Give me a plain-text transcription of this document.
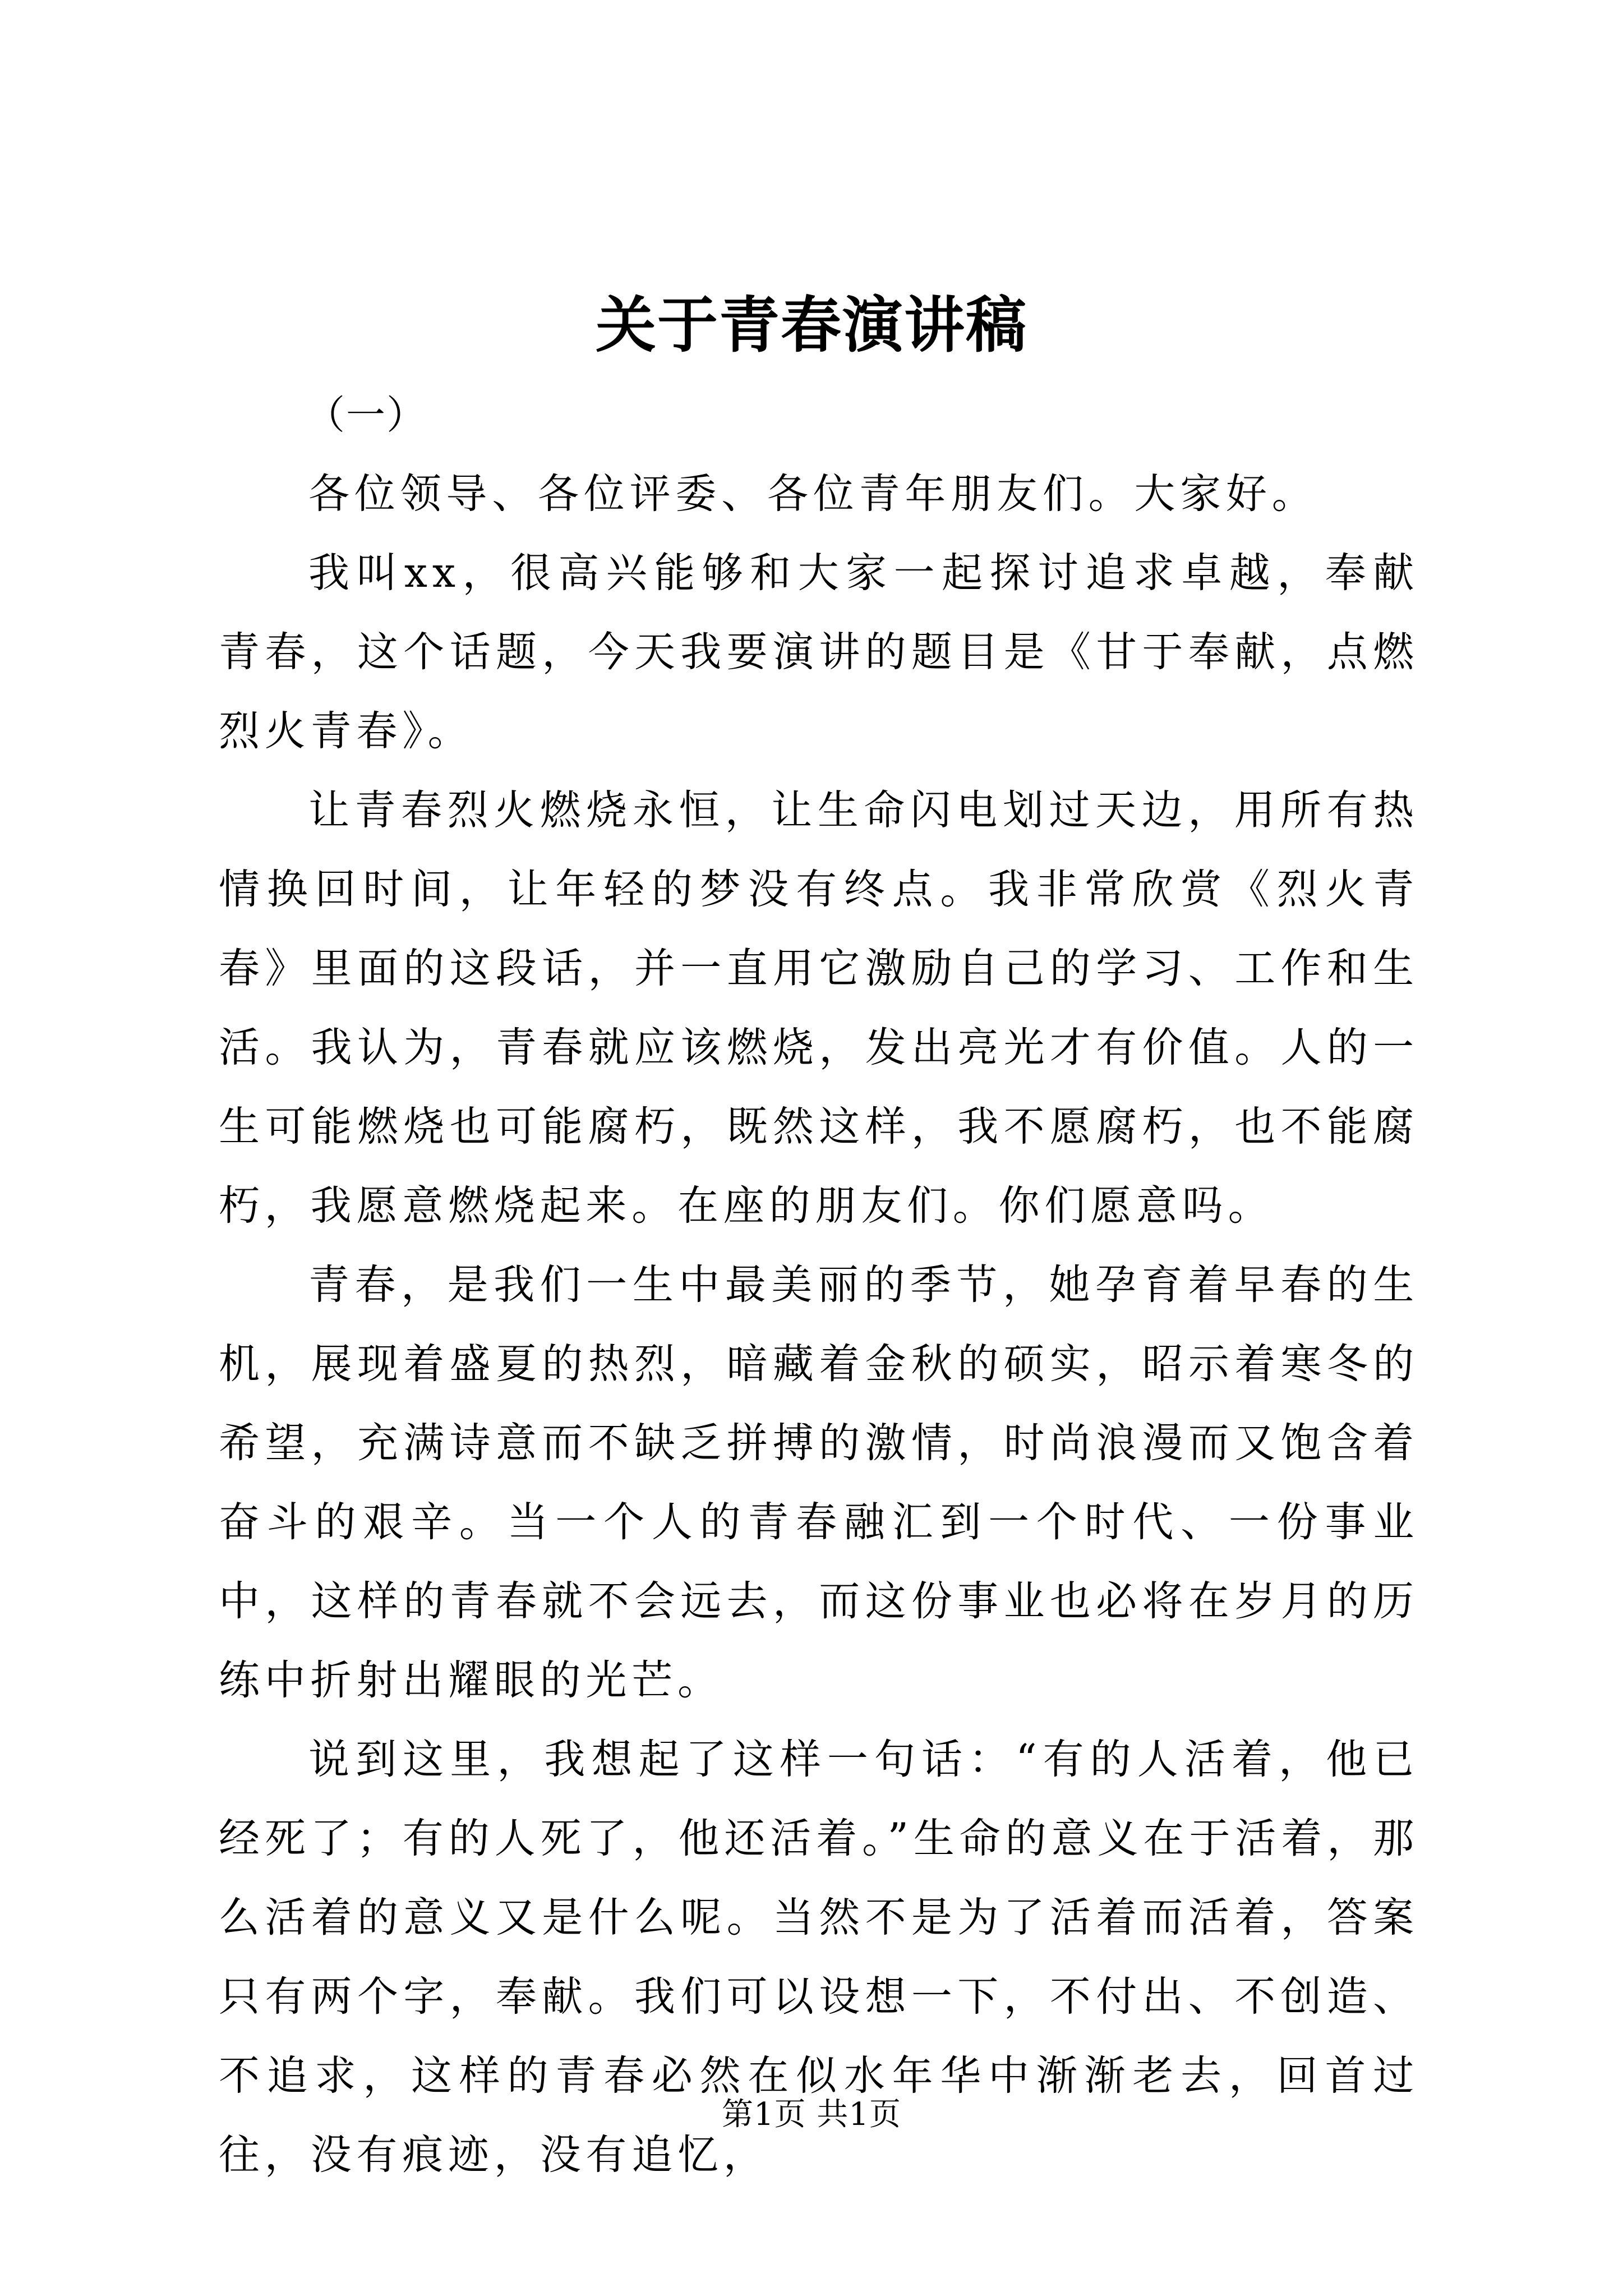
关于青春演讲稿
（一）

各位领导、各位评委、各位青年朋友们。大家好。

我叫xx，很高兴能够和大家一起探讨追求卓越，奉献青春，这个话题，今天我要演讲的题目是《甘于奉献，点燃烈火青春》。

让青春烈火燃烧永恒，让生命闪电划过天边，用所有热情换回时间，让年轻的梦没有终点。我非常欣赏《烈火青春》里面的这段话，并一直用它激励自己的学习、工作和生活。我认为，青春就应该燃烧，发出亮光才有价值。人的一生可能燃烧也可能腐朽，既然这样，我不愿腐朽，也不能腐朽，我愿意燃烧起来。在座的朋友们。你们愿意吗。

青春，是我们一生中最美丽的季节，她孕育着早春的生机，展现着盛夏的热烈，暗藏着金秋的硕实，昭示着寒冬的希望，充满诗意而不缺乏拼搏的激情，时尚浪漫而又饱含着奋斗的艰辛。当一个人的青春融汇到一个时代、一份事业中，这样的青春就不会远去，而这份事业也必将在岁月的历练中折射出耀眼的光芒。

说到这里，我想起了这样一句话：“有的人活着，他已经死了；有的人死了，他还活着。”生命的意义在于活着，那么活着的意义又是什么呢。当然不是为了活着而活着，答案只有两个字，奉献。我们可以设想一下，不付出、不创造、不追求，这样的青春必然在似水年华中渐渐老去，回首过往，没有痕迹，没有追忆，

第1页 共1页
